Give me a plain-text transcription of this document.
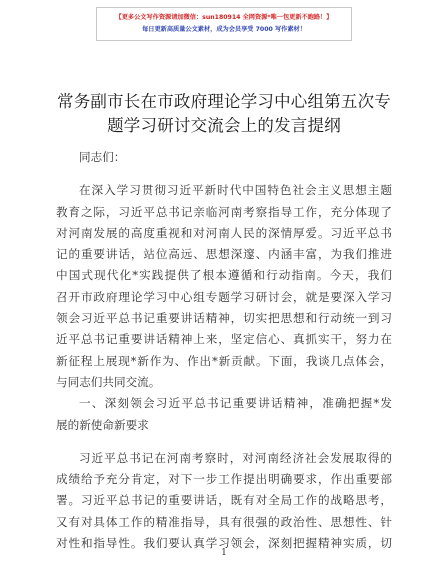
【更多公文写作资源请加微信：sun180914 全网资源*唯一包更新不跑路！】
每日更新高质量公文素材，成为会员享受 7000 写作素材！
常务副市长在市政府理论学习中心组第五次专
题学习研讨交流会上的发言提纲
同志们：
在深入学习贯彻习近平新时代中国特色社会主义思想主题
教育之际，习近平总书记亲临河南考察指导工作，充分体现了
对河南发展的高度重视和对河南人民的深情厚爱。习近平总书
记的重要讲话，站位高远、思想深邃、内涵丰富，为我们推进
中国式现代化*实践提供了根本遵循和行动指南。今天，我们
召开市政府理论学习中心组专题学习研讨会，就是要深入学习
领会习近平总书记重要讲话精神，切实把思想和行动统一到习
近平总书记重要讲话精神上来，坚定信心、真抓实干，努力在
新征程上展现*新作为、作出*新贡献。下面，我谈几点体会，
与同志们共同交流。
一、深刻领会习近平总书记重要讲话精神，准确把握*发
展的新使命新要求
习近平总书记在河南考察时，对河南经济社会发展取得的
成绩给予充分肯定，对下一步工作提出明确要求，作出重要部
署。习近平总书记的重要讲话，既有对全局工作的战略思考，
又有对具体工作的精准指导，具有很强的政治性、思想性、针
对性和指导性。我们要认真学习领会，深刻把握精神实质，切
1
